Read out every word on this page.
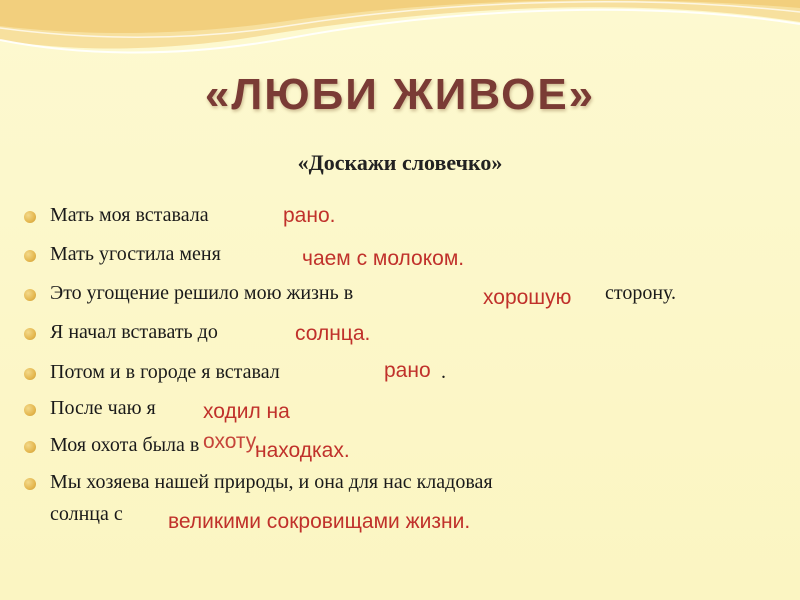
«ЛЮБИ ЖИВОЕ»
«Доскажи словечко»
Мать моя вставала	рано.
Мать угостила меня	чаем с молоком.
Это угощение решило мою жизнь в	хорошую сторону.
Я начал вставать до	солнца.
Потом и в городе я вставал	рано .
После чаю я ходил на
охоту.
Моя охота была в	находках.
Мы хозяева нашей природы, и она для нас кладовая
солнца с великими сокровищами жизни.
